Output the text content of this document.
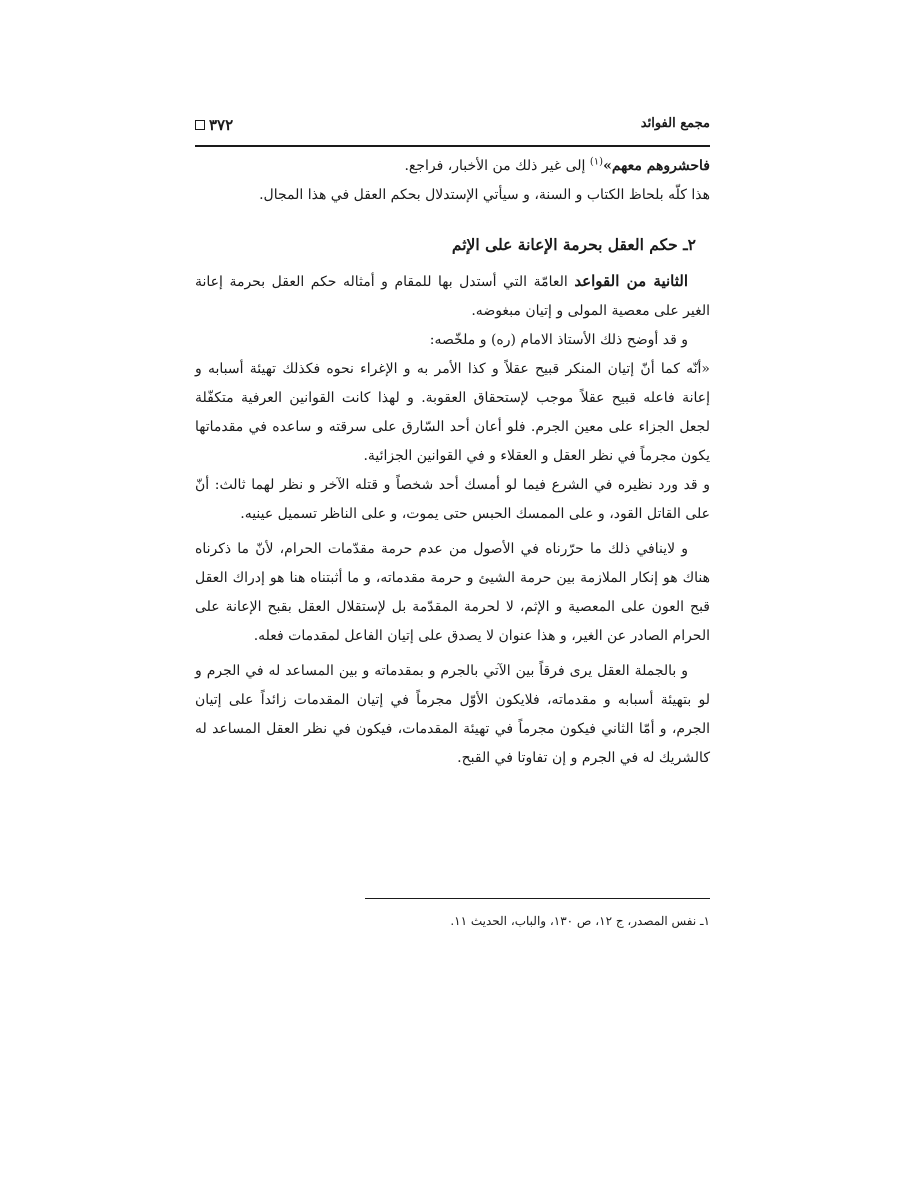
٣٧٢	مجمع الفوائد

فاحشروهم معهم»$^{(١)}$ إلى غير ذلك من الأخبار، فراجع.

هذا كلّه بلحاظ الكتاب و السنة، و سيأتي الإستدلال بحكم العقل في هذا المجال.

٢ـ حكم العقل بحرمة الإعانة على الإثم

الثانية من القواعد العامّة التي أستدل بها للمقام و أمثاله حكم العقل بحرمة إعانة الغير على معصية المولى و إتيان مبغوضه.

و قد أوضح ذلك الأستاذ الامام (ره) و ملخّصه:

«أنّه كما أنّ إتيان المنكر قبيح عقلاً و كذا الأمر به و الإغراء نحوه فكذلك تهيئة أسبابه و إعانة فاعله قبيح عقلاً موجب لإستحقاق العقوبة. و لهذا كانت القوانين العرفية متكفّلة لجعل الجزاء على معين الجرم. فلو أعان أحد السّارق على سرقته و ساعده في مقدماتها يكون مجرماً في نظر العقل و العقلاء و في القوانين الجزائية.

و قد ورد نظيره في الشرع فيما لو أمسك أحد شخصاً و قتله الآخر و نظر لهما ثالث: أنّ على القاتل القود، و على الممسك الحبس حتى يموت، و على الناظر تسميل عينيه.

و لاينافي ذلك ما حرّرناه في الأصول من عدم حرمة مقدّمات الحرام، لأنّ ما ذكرناه هناك هو إنكار الملازمة بين حرمة الشيئ و حرمة مقدماته، و ما أثبتناه هنا هو إدراك العقل قبح العون على المعصية و الإثم، لا لحرمة المقدّمة بل لإستقلال العقل بقبح الإعانة على الحرام الصادر عن الغير، و هذا عنوان لا يصدق على إتيان الفاعل لمقدمات فعله.

و بالجملة العقل يرى فرقاً بين الآتي بالجرم و بمقدماته و بين المساعد له في الجرم و لو بتهيئة أسبابه و مقدماته، فلايكون الأوّل مجرماً في إتيان المقدمات زائداً على إتيان الجرم، و أمّا الثاني فيكون مجرماً في تهيئة المقدمات، فيكون في نظر العقل المساعد له كالشريك له في الجرم و إن تفاوتا في القبح.

١ـ نفس المصدر، ج ١٢، ص ١٣٠، والباب، الحديث ١١.
